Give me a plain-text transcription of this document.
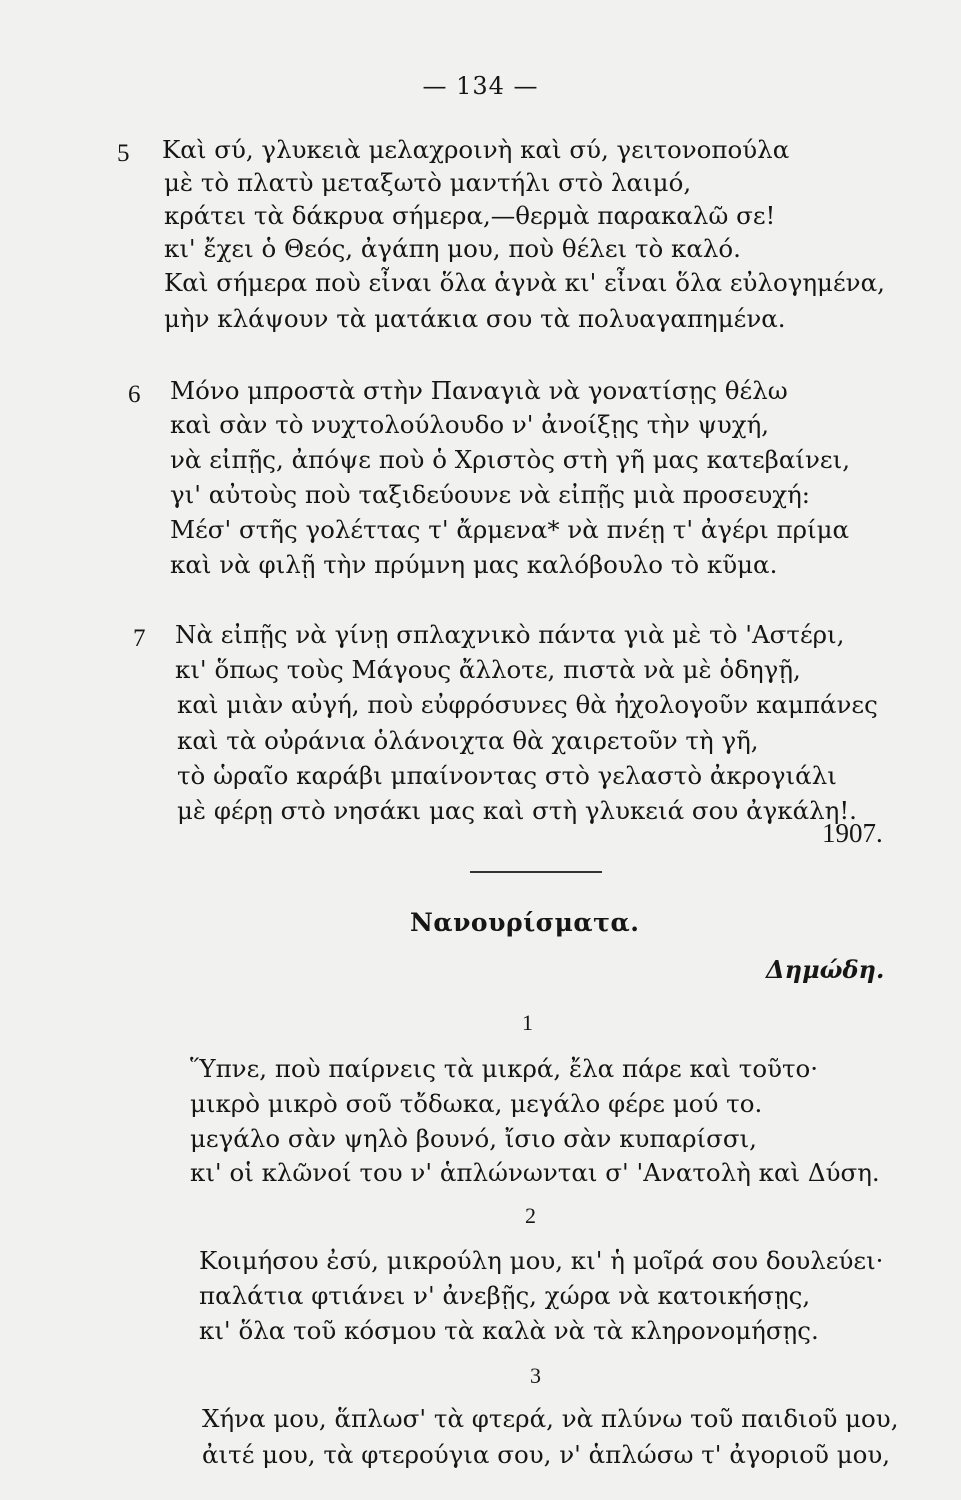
— 134 —
5 Καὶ σύ, γλυκειὰ μελαχροινὴ καὶ σύ, γειτονοπούλα
μὲ τὸ πλατὺ μεταξωτὸ μαντήλι στὸ λαιμό,
κράτει τὰ δάκρυα σήμερα,—θερμὰ παρακαλῶ σε!
κι' ἔχει ὁ Θεός, ἀγάπη μου, ποὺ θέλει τὸ καλό.
Καὶ σήμερα ποὺ εἶναι ὅλα ἁγνὰ κι' εἶναι ὅλα εὐλογημένα,
μὴν κλάψουν τὰ ματάκια σου τὰ πολυαγαπημένα.
6 Μόνο μπροστὰ στὴν Παναγιὰ νὰ γονατίσῃς θέλω
καὶ σὰν τὸ νυχτολούλουδο ν' ἀνοίξῃς τὴν ψυχή,
νὰ εἰπῇς, ἀπόψε ποὺ ὁ Χριστὸς στὴ γῆ μας κατεβαίνει,
γι' αὐτοὺς ποὺ ταξιδεύουνε νὰ εἰπῇς μιὰ προσευχή:
Μέσ' στῆς γολέττας τ' ἄρμενα* νὰ πνέῃ τ' ἀγέρι πρίμα
καὶ νὰ φιλῇ τὴν πρύμνη μας καλόβουλο τὸ κῦμα.
7 Νὰ εἰπῇς νὰ γίνῃ σπλαχνικὸ πάντα γιὰ μὲ τὸ 'Αστέρι,
κι' ὅπως τοὺς Μάγους ἄλλοτε, πιστὰ νὰ μὲ ὁδηγῇ,
καὶ μιὰν αὐγή, ποὺ εὐφρόσυνες θὰ ἠχολογοῦν καμπάνες
καὶ τὰ οὐράνια ὁλάνοιχτα θὰ χαιρετοῦν τὴ γῆ,
τὸ ὡραῖο καράβι μπαίνοντας στὸ γελαστὸ ἀκρογιάλι
μὲ φέρῃ στὸ νησάκι μας καὶ στὴ γλυκειά σου ἀγκάλη!.
1907.
Νανουρίσματα.
Δημώδη.
1
Ὕπνε, ποὺ παίρνεις τὰ μικρά, ἔλα πάρε καὶ τοῦτο·
μικρὸ μικρὸ σοῦ τὄδωκα, μεγάλο φέρε μού το.
μεγάλο σὰν ψηλὸ βουνό, ἴσιο σὰν κυπαρίσσι,
κι' οἱ κλῶνοί του ν' ἁπλώνωνται σ' 'Ανατολὴ καὶ Δύση.
2
Κοιμήσου ἐσύ, μικρούλη μου, κι' ἡ μοῖρά σου δουλεύει·
παλάτια φτιάνει ν' ἀνεβῇς, χώρα νὰ κατοικήσῃς,
κι' ὅλα τοῦ κόσμου τὰ καλὰ νὰ τὰ κληρονομήσῃς.
3
Χήνα μου, ἅπλωσ' τὰ φτερά, νὰ πλύνω τοῦ παιδιοῦ μου,
ἀιτέ μου, τὰ φτερούγια σου, ν' ἁπλώσω τ' ἀγοριοῦ μου,
